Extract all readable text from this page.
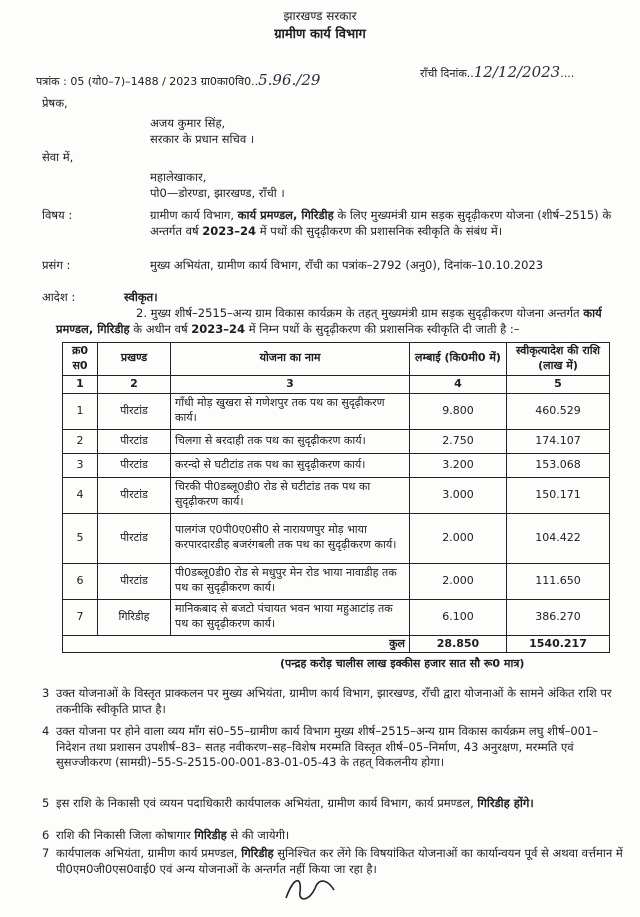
झारखण्ड सरकार
ग्रामीण कार्य विभाग
राँची दिनांक..12/12/2023....
पत्रांक : 05 (यो0–7)–1488 / 2023 ग्रा0का0वि0..5.96./29
प्रेषक,
अजय कुमार सिंह,
सरकार के प्रधान सचिव ।
सेवा में,
महालेखाकार,
पो0—डोरण्डा, झारखण्ड, राँची ।
विषय :	ग्रामीण कार्य विभाग, कार्य प्रमण्डल, गिरिडीह के लिए मुख्यमंत्री ग्राम सड़क सुदृढ़ीकरण योजना (शीर्ष–2515) के अन्तर्गत वर्ष 2023–24 में पथों की सुदृढ़ीकरण की प्रशासनिक स्वीकृति के संबंध में।
प्रसंग :	मुख्य अभियंता, ग्रामीण कार्य विभाग, राँची का पत्रांक–2792 (अनु0), दिनांक–10.10.2023
आदेश :	स्वीकृत।
2. मुख्य शीर्ष–2515–अन्य ग्राम विकास कार्यक्रम के तहत् मुख्यमंत्री ग्राम सड़क सुदृढ़ीकरण योजना अन्तर्गत कार्य प्रमण्डल, गिरिडीह के अधीन वर्ष 2023–24 में निम्न पथों के सुदृढ़ीकरण की प्रशासनिक स्वीकृति दी जाती है :–
क्र0 स0	प्रखण्ड	योजना का नाम	लम्बाई (कि0मी0 में)	स्वीकृत्यादेश की राशि (लाख में)
1	2	3	4	5
1	पीरटांड	गाँधी मोड़ खुखरा से गणेशपुर तक पथ का सुदृढ़ीकरण कार्य।	9.800	460.529
2	पीरटांड	चिलगा से बरदाही तक पथ का सुदृढ़ीकरण कार्य।	2.750	174.107
3	पीरटांड	करन्दो से घटीटांड तक पथ का सुदृढ़ीकरण कार्य।	3.200	153.068
4	पीरटांड	चिरकी पी0डब्लू0डी0 रोड से घटीटांड तक पथ का सुदृढ़ीकरण कार्य।	3.000	150.171
5	पीरटांड	पालगंज ए0पी0ए0सी0 से नारायणपुर मोड़ भाया करपारदारडीह बजरंगबली तक पथ का सुदृढ़ीकरण कार्य।	2.000	104.422
6	पीरटांड	पी0डब्लू0डी0 रोड से मधुपुर मेन रोड भाया नावाडीह तक पथ का सुदृढ़ीकरण कार्य।	2.000	111.650
7	गिरिडीह	मानिकबाद से बजटो पंचायत भवन भाया महुआटांड़ तक पथ का सुदृढ़ीकरण कार्य।	6.100	386.270
कुल			28.850	1540.217
(पन्द्रह करोड़ चालीस लाख इक्कीस हजार सात सौ रू0 मात्र)
3 उक्त योजनाओं के विस्तृत प्राक्कलन पर मुख्य अभियंता, ग्रामीण कार्य विभाग, झारखण्ड, राँची द्वारा योजनाओं के सामने अंकित राशि पर तकनीकि स्वीकृति प्राप्त है।
4 उक्त योजना पर होने वाला व्यय माँग सं0–55–ग्रामीण कार्य विभाग मुख्य शीर्ष–2515–अन्य ग्राम विकास कार्यक्रम लघु शीर्ष–001–निदेशन तथा प्रशासन उपशीर्ष–83– सतह नवीकरण–सह–विशेष मरम्मति विस्तृत शीर्ष–05–निर्माण, 43 अनुरक्षण, मरम्मति एवं सुसज्जीकरण (सामग्री)–55-S-2515-00-001-83-01-05-43 के तहत् विकलनीय होगा।
5 इस राशि के निकासी एवं व्ययन पदाधिकारी कार्यपालक अभियंता, ग्रामीण कार्य विभाग, कार्य प्रमण्डल, गिरिडीह होंगे।
6 राशि की निकासी जिला कोषागार गिरिडीह से की जायेगी।
7 कार्यपालक अभियंता, ग्रामीण कार्य प्रमण्डल, गिरिडीह सुनिश्चित कर लेंगे कि विषयांकित योजनाओं का कार्यान्वयन पूर्व से अथवा वर्त्तमान में पी0एम0जी0एस0वाई0 एवं अन्य योजनाओं के अन्तर्गत नहीं किया जा रहा है।
